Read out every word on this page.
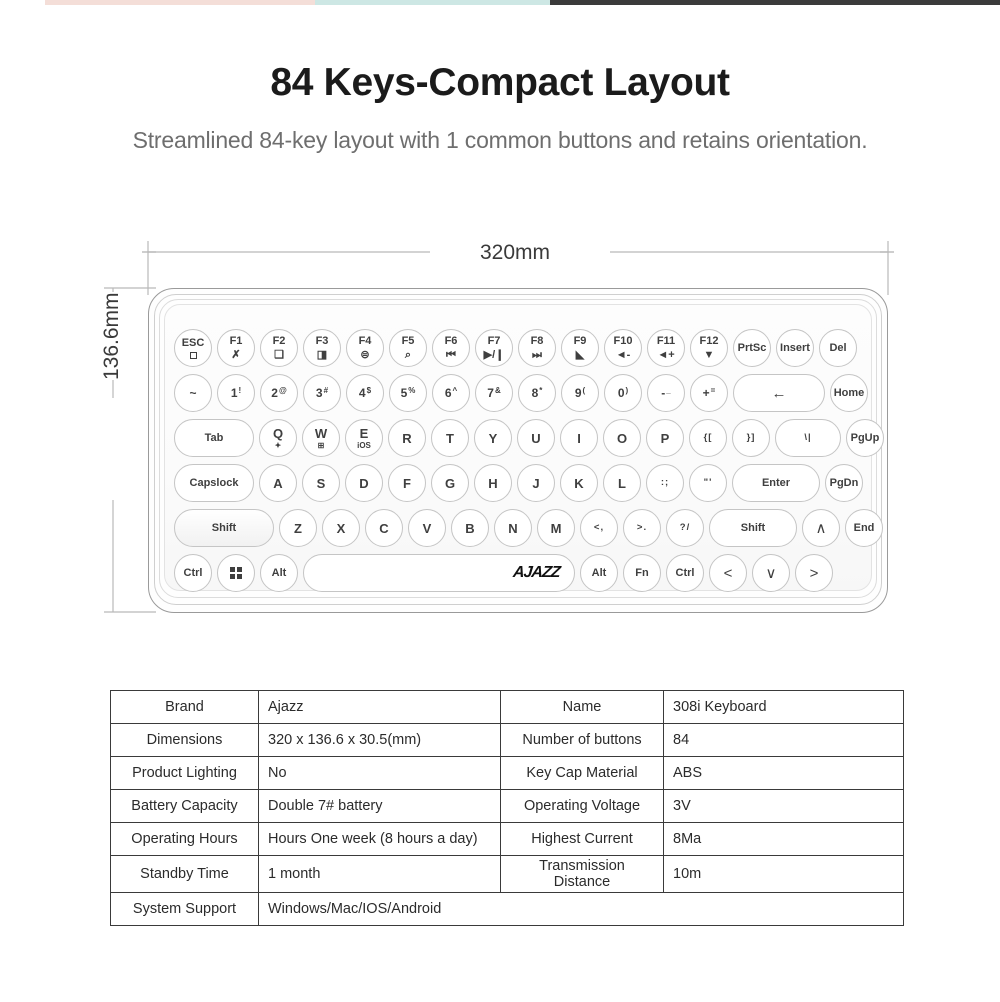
84 Keys-Compact Layout

Streamlined 84-key layout with 1 common buttons and retains orientation.

320mm
136.6mm
	ESC F1
✗
F2
❏
F3
◨
F4
⊜
F5
⌕
F6
⏮
F7
▶/❙
F8
⏭
F9
◣
F10
◄-
F11
◄+
F12
▼
PrtSc Insert Del
~	1 !	2 @ 3 #	4 $ 5 % 6 ^	7 &	8 *	9 (	0 )	- _	+ =	←	Home
Tab	Q
✦
W
⊞
E
iOS R	T	Y	U	I	O	P	{[	}]	\|	PgUp
Capslock	A	S	D	F	G	H	J	K	L	:;	"'	Enter	PgDn
Shift	Z	X	C	V	B	N	M	<,	>.	?/	Shift	∧ End
Ctrl	Alt	AJAZZ	Alt	Fn Ctrl < ∨ >
Brand	Ajazz	Name	308i Keyboard
Dimensions	320 x 136.6 x 30.5(mm)	Number of buttons	84
Product Lighting	No	Key Cap Material	ABS
Battery Capacity	Double 7# battery	Operating Voltage	3V
Operating Hours	Hours One week (8 hours a day)	Highest Current	8Ma
Standby Time	1 month	Transmission Distance	10m
System Support	Windows/Mac/IOS/Android		
